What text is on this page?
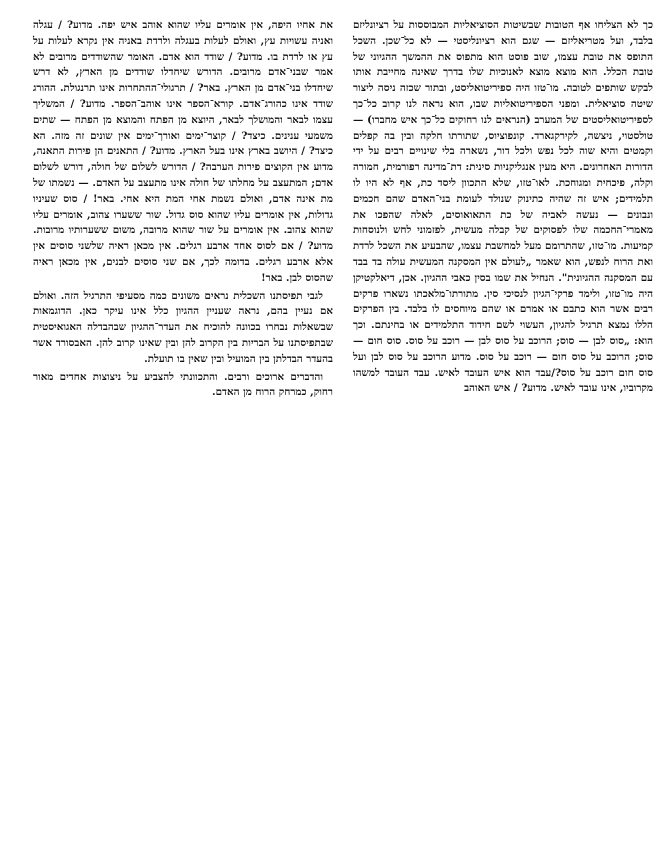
כך לא הצליחו אף הטובות שבשיטות הסוציאליות המבוססות על רציונליזם בלבד, ועל מטריאליזם — שגם הוא רציונליסטי — לא כל־שכן. השכל התופס את טובת עצמו, שוב פוסט הוא מתפוס את ההמשך ההגיוני של טובת הכלל. הוא מוצא מוצא לאנוכיות שלו בדרך שאינה מחייבת אותו לבקש שותפים לטובה. מו־טזו היה ספיריטואליסט, ובתור שכזה ניסה ליצור שיטה סוציאלית. ומפני הספיריטואליות שבו, הוא נראה לנו קרוב כל־כך לספיריטואליסטים של המערב (הנראים לנו רחוקים כל־כך איש מחברו) — טולסטוי, ניצשה, לקירקגארד. קונפוציוס, שתורתו חלקה ובין בה קפלים וקמטים והיא שוה לכל נפש ולכל דור, נשארה בלי שינויים רבים על ידי הדורות האחרונים. היא מעין אנגליקניות סינית: דת־מדינה רפורמית, חמורה וקלה, פיכחית ומגוחכת. לאו־טזו, שלא התכוון ליסד כת, אף לא היו לו תלמידים; איש זה שהיה כתינוק שנולד לעומת בני־האדם שהם חכמים ונבונים — נעשה לאביה של כת התאואוסים, לאלה שהפכו את מאמרי־החכמה שלו לפסוקים של קבלה מעשית, לפזמוני לחש ולנוסחות קמיעות. מו־טזו, שהתרומם מעל למחשבת עצמו, שהבעיע את השכל לרדת ואת הרוח לנפש, הוא שאמר „לעולם אין המסקנה המעשית עולה בד בבד עם המסקנה ההגיונית". הנחיל את שמו בסין כאבי ההגיון. אכן, דיאלקטיקן היה מו־טזו, ולימד פרקי־הגיון לנסיכי סין. מתורתו־מלאכתו נשארו פרקים רבים אשר הוא כתבם או אמרם או שהם מיוחסים לו בלבד. בין הפרקים הללו נמצא תרגיל להגיון, העשוי לשם חידוד התלמידים או בחינתם. וכך הוא: „סוס לבן — סוס; הרוכב על סוס לבן — רוכב על סוס. סוס חום — סוס; הרוכב על סוס חום — רוכב על סוס. מדוע הרוכב על סוס לבן ועל סוס חום רוכב על סוס?/עבד הוא איש העובד לאיש. עבד העובד למשהו מקרוביו, אינו עובד לאיש. מדוע? / איש האוהב

את אחיו היפה, אין אומרים עליו שהוא אוהב איש יפה. מדוע? / עגלה ואניה עשויות עץ, ואולם לעלות בעגלה ולרדת באניה אין נקרא לעלות על עץ או לרדת בו. מדוע? / שודד הוא אדם. האומר שהשודדים מרובים לא אמר שבני־אדם מרובים. הדורש שיחדלו שודדים מן הארץ, לא דרש שיחדלו בני־אדם מן הארץ. באר? / תרגולי־ההתחרות אינו תרנגולת. ההורג שודד אינו כהורג־אדם. קורא־הספר אינו אוהב־הספר. מדוע? / המשליך עצמו לבאר והמושלך לבאר, היוצא מן הפתח והמוצא מן הפתח — שתים משמעי ענינים. כיצד? / קוצר־ימים ואורך־ימים אין שונים זה מזה. הא כיצד? / היושב בארץ אינו בעל הארץ. מדוע? / התאנים הן פירות התאנה, מדוע אין הקוצים פירות הערבה? / הדורש לשלום של חולה, דורש לשלום אדם; המתעצב על מחלתו של חולה אינו מתעצב על האדם. — נשמתו של מת אינה אדם, ואולם נשמת אחי המת היא אחי. באר! / סוס שעיניו גדולות, אין אומרים עליו שהוא סוס גדול. שור ששערו צהוב, אומרים עליו שהוא צהוב. אין אומרים על שור שהוא מרובה, משום ששערותיו מרובות. מדוע? / אם לסוס אחד ארבע רגלים. אין מכאן ראיה שלשני סוסים אין אלא ארבע רגלים. בדומה לכך, אם שני סוסים לבנים, אין מכאן ראיה שהסוס לבן. באר!

לגבי תפיסתנו השכלית נראים משונים כמה מסעיפי התרגיל הזה. ואולם אם נעיין בהם, נראה שעניין ההגיון כלל אינו עיקר כאן. הדוגמאות שבשאלות נבחרו בכוונה להוכיח את העדר־ההגיון שבהבדלה האגואיסטית שבתפיסתנו על הבריות בין הקרוב להן ובין שאינו קרוב להן. האבסורד אשר בהעדר הבדלתן בין המועיל ובין שאין בו תועלת.

והדברים ארוכים ורבים. והתכוונתי להצביע על ניצוצות אחדים מאור רחוק, כמרחק הרוח מן האדם.
